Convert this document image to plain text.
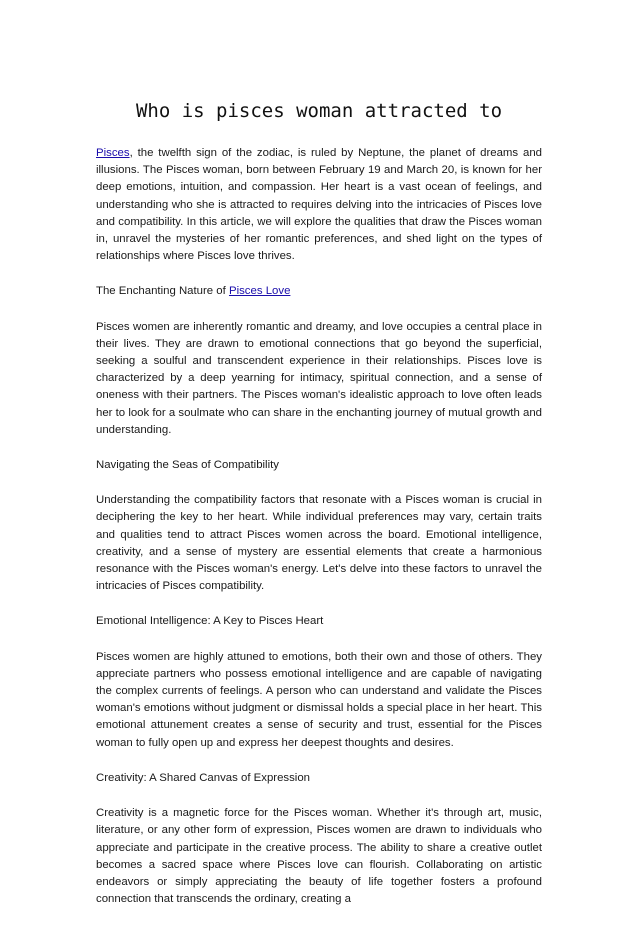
Who is pisces woman attracted to

Pisces, the twelfth sign of the zodiac, is ruled by Neptune, the planet of dreams and illusions. The Pisces woman, born between February 19 and March 20, is known for her deep emotions, intuition, and compassion. Her heart is a vast ocean of feelings, and understanding who she is attracted to requires delving into the intricacies of Pisces love and compatibility. In this article, we will explore the qualities that draw the Pisces woman in, unravel the mysteries of her romantic preferences, and shed light on the types of relationships where Pisces love thrives.

The Enchanting Nature of Pisces Love

Pisces women are inherently romantic and dreamy, and love occupies a central place in their lives. They are drawn to emotional connections that go beyond the superficial, seeking a soulful and transcendent experience in their relationships. Pisces love is characterized by a deep yearning for intimacy, spiritual connection, and a sense of oneness with their partners. The Pisces woman's idealistic approach to love often leads her to look for a soulmate who can share in the enchanting journey of mutual growth and understanding.

Navigating the Seas of Compatibility

Understanding the compatibility factors that resonate with a Pisces woman is crucial in deciphering the key to her heart. While individual preferences may vary, certain traits and qualities tend to attract Pisces women across the board. Emotional intelligence, creativity, and a sense of mystery are essential elements that create a harmonious resonance with the Pisces woman's energy. Let's delve into these factors to unravel the intricacies of Pisces compatibility.

Emotional Intelligence: A Key to Pisces Heart

Pisces women are highly attuned to emotions, both their own and those of others. They appreciate partners who possess emotional intelligence and are capable of navigating the complex currents of feelings. A person who can understand and validate the Pisces woman's emotions without judgment or dismissal holds a special place in her heart. This emotional attunement creates a sense of security and trust, essential for the Pisces woman to fully open up and express her deepest thoughts and desires.

Creativity: A Shared Canvas of Expression

Creativity is a magnetic force for the Pisces woman. Whether it's through art, music, literature, or any other form of expression, Pisces women are drawn to individuals who appreciate and participate in the creative process. The ability to share a creative outlet becomes a sacred space where Pisces love can flourish. Collaborating on artistic endeavors or simply appreciating the beauty of life together fosters a profound connection that transcends the ordinary, creating a
